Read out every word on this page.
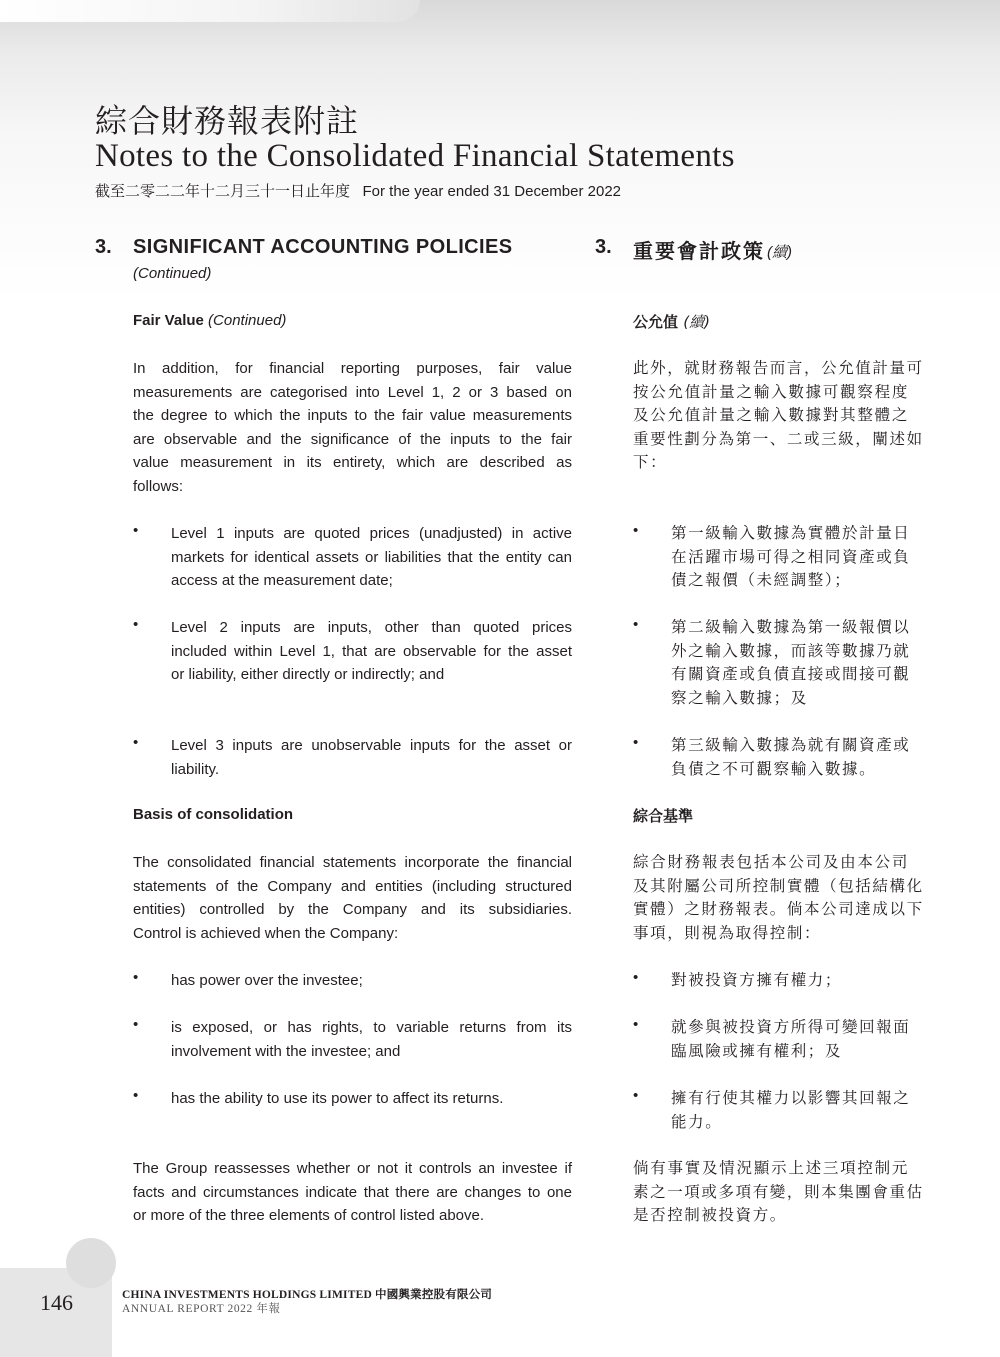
綜合財務報表附註
Notes to the Consolidated Financial Statements
截至二零二二年十二月三十一日止年度   For the year ended 31 December 2022
3. SIGNIFICANT ACCOUNTING POLICIES
(Continued)
Fair Value (Continued)
In addition, for financial reporting purposes, fair value
measurements are categorised into Level 1, 2 or 3 based on
the degree to which the inputs to the fair value measurements
are observable and the significance of the inputs to the fair
value measurement in its entirety, which are described as
follows:
• Level 1 inputs are quoted prices (unadjusted) in active
markets for identical assets or liabilities that the entity can
access at the measurement date;
• Level 2 inputs are inputs, other than quoted prices
included within Level 1, that are observable for the asset
or liability, either directly or indirectly; and
• Level 3 inputs are unobservable inputs for the asset or
liability.
Basis of consolidation
The consolidated financial statements incorporate the financial
statements of the Company and entities (including structured
entities) controlled by the Company and its subsidiaries.
Control is achieved when the Company:
• has power over the investee;
• is exposed, or has rights, to variable returns from its
involvement with the investee; and
• has the ability to use its power to affect its returns.
The Group reassesses whether or not it controls an investee if
facts and circumstances indicate that there are changes to one
or more of the three elements of control listed above.
3. 重要會計政策 (續)
公允值 (續)
此外，就財務報告而言，公允值計量可
按公允值計量之輸入數據可觀察程度
及公允值計量之輸入數據對其整體之
重要性劃分為第一、二或三級，闡述如
下：
• 第一級輸入數據為實體於計量日
在活躍市場可得之相同資產或負
債之報價（未經調整）；
• 第二級輸入數據為第一級報價以
外之輸入數據，而該等數據乃就
有關資產或負債直接或間接可觀
察之輸入數據；及
• 第三級輸入數據為就有關資產或
負債之不可觀察輸入數據。
綜合基準
綜合財務報表包括本公司及由本公司
及其附屬公司所控制實體（包括結構化
實體）之財務報表。倘本公司達成以下
事項，則視為取得控制：
• 對被投資方擁有權力；
• 就參與被投資方所得可變回報面
臨風險或擁有權利；及
• 擁有行使其權力以影響其回報之
能力。
倘有事實及情況顯示上述三項控制元
素之一項或多項有變，則本集團會重估
是否控制被投資方。
146	CHINA INVESTMENTS HOLDINGS LIMITED 中國興業控股有限公司
ANNUAL REPORT 2022 年報
